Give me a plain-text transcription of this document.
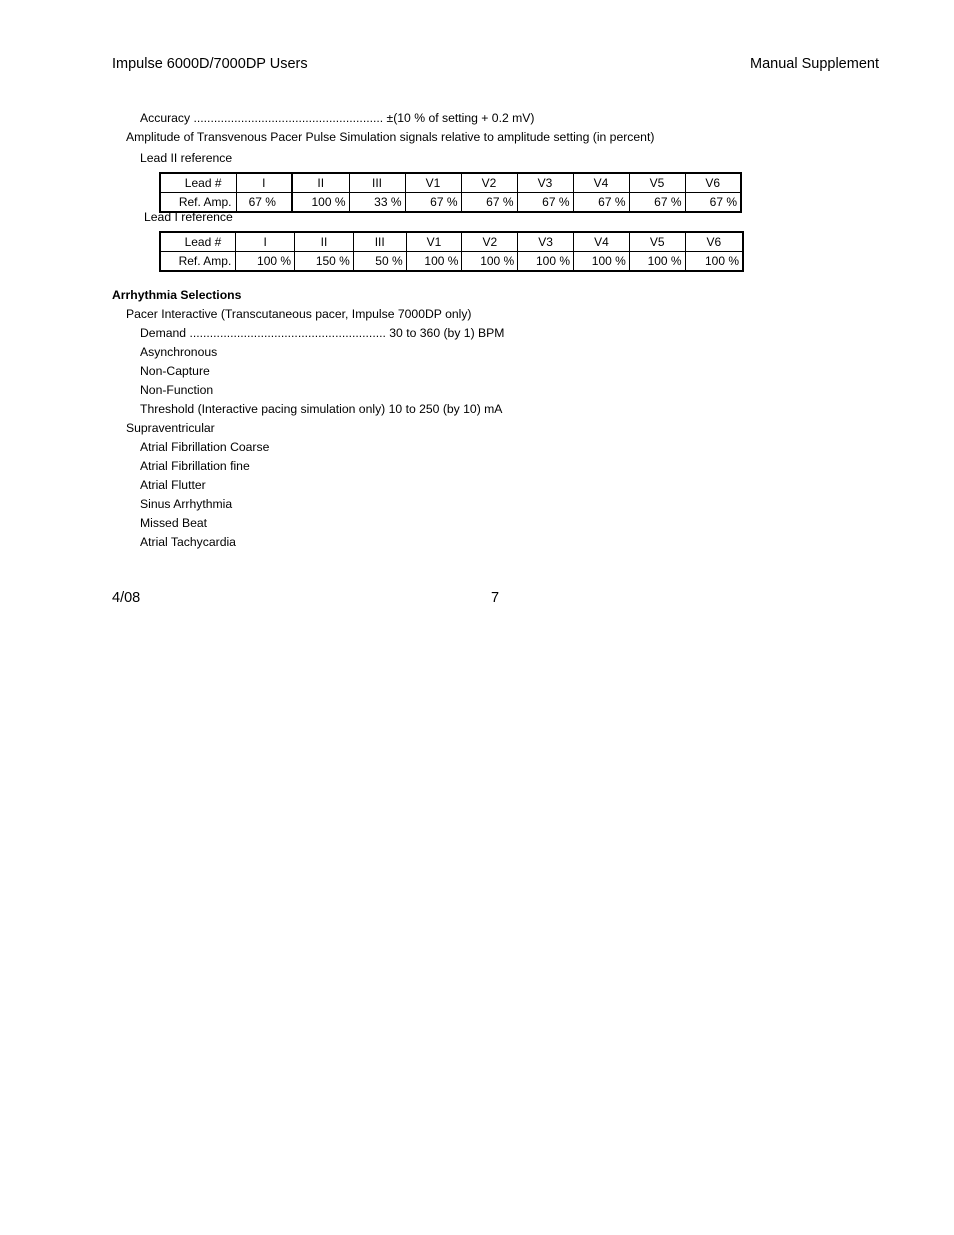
Impulse 6000D/7000DP Users	Manual Supplement
Accuracy ........................................................ ±(10 % of setting + 0.2 mV)
Amplitude of Transvenous Pacer Pulse Simulation signals relative to amplitude setting (in percent)
Lead II reference
Lead #	I	II	III	V1	V2	V3	V4	V5	V6
Ref. Amp.	67 %	100 %	33 %	67 %	67 %	67 %	67 %	67 %	67 %
Lead I reference
Lead #	I	II	III	V1	V2	V3	V4	V5	V6
Ref. Amp.	100 %	150 %	50 %	100 %	100 %	100 %	100 %	100 %	100 %
Arrhythmia Selections
Pacer Interactive (Transcutaneous pacer, Impulse 7000DP only)
Demand .......................................................... 30 to 360 (by 1) BPM
Asynchronous
Non-Capture
Non-Function
Threshold (Interactive pacing simulation only) 10 to 250 (by 10) mA
Supraventricular
Atrial Fibrillation Coarse
Atrial Fibrillation fine
Atrial Flutter
Sinus Arrhythmia
Missed Beat
Atrial Tachycardia
4/08	7
